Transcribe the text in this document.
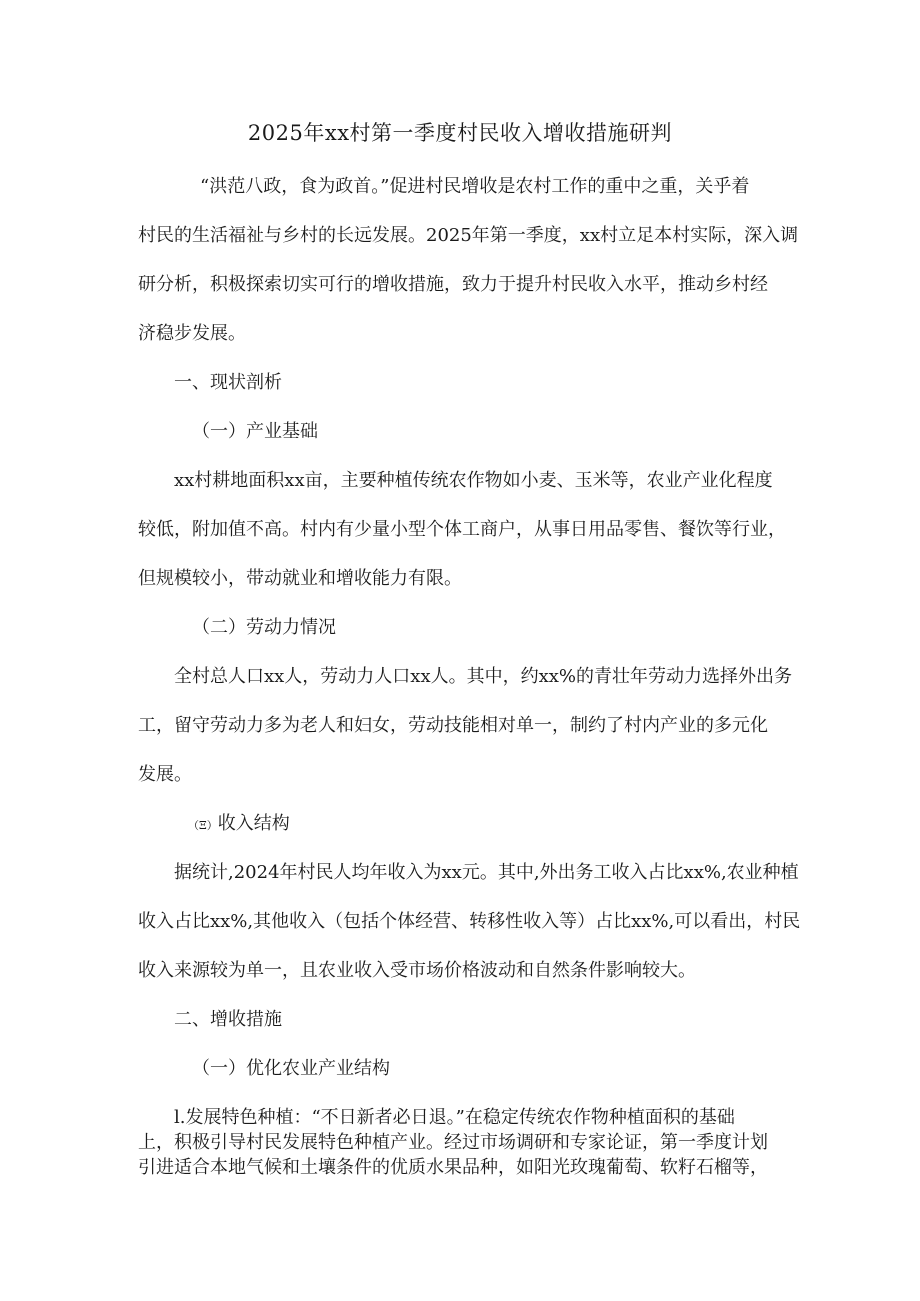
2025年xx村第一季度村民收入增收措施研判
“洪范八政，食为政首。”促进村民增收是农村工作的重中之重，关乎着
村民的生活福祉与乡村的长远发展。2025年第一季度，xx村立足本村实际，深入调
研分析，积极探索切实可行的增收措施，致力于提升村民收入水平，推动乡村经
济稳步发展。
一、现状剖析
（一）产业基础
xx村耕地面积xx亩，主要种植传统农作物如小麦、玉米等，农业产业化程度
较低，附加值不高。村内有少量小型个体工商户，从事日用品零售、餐饮等行业，
但规模较小，带动就业和增收能力有限。
（二）劳动力情况
全村总人口xx人，劳动力人口xx人。其中，约xx%的青壮年劳动力选择外出务
工，留守劳动力多为老人和妇女，劳动技能相对单一，制约了村内产业的多元化
发展。
（Ξ）收入结构
据统计,2024年村民人均年收入为xx元。其中,外出务工收入占比xx%,农业种植
收入占比xx%,其他收入（包括个体经营、转移性收入等）占比xx%,可以看出，村民
收入来源较为单一，且农业收入受市场价格波动和自然条件影响较大。
二、增收措施
（一）优化农业产业结构
l.发展特色种植：“不日新者必日退。”在稳定传统农作物种植面积的基础
上，积极引导村民发展特色种植产业。经过市场调研和专家论证，第一季度计划
引进适合本地气候和土壤条件的优质水果品种，如阳光玫瑰葡萄、软籽石榴等，
